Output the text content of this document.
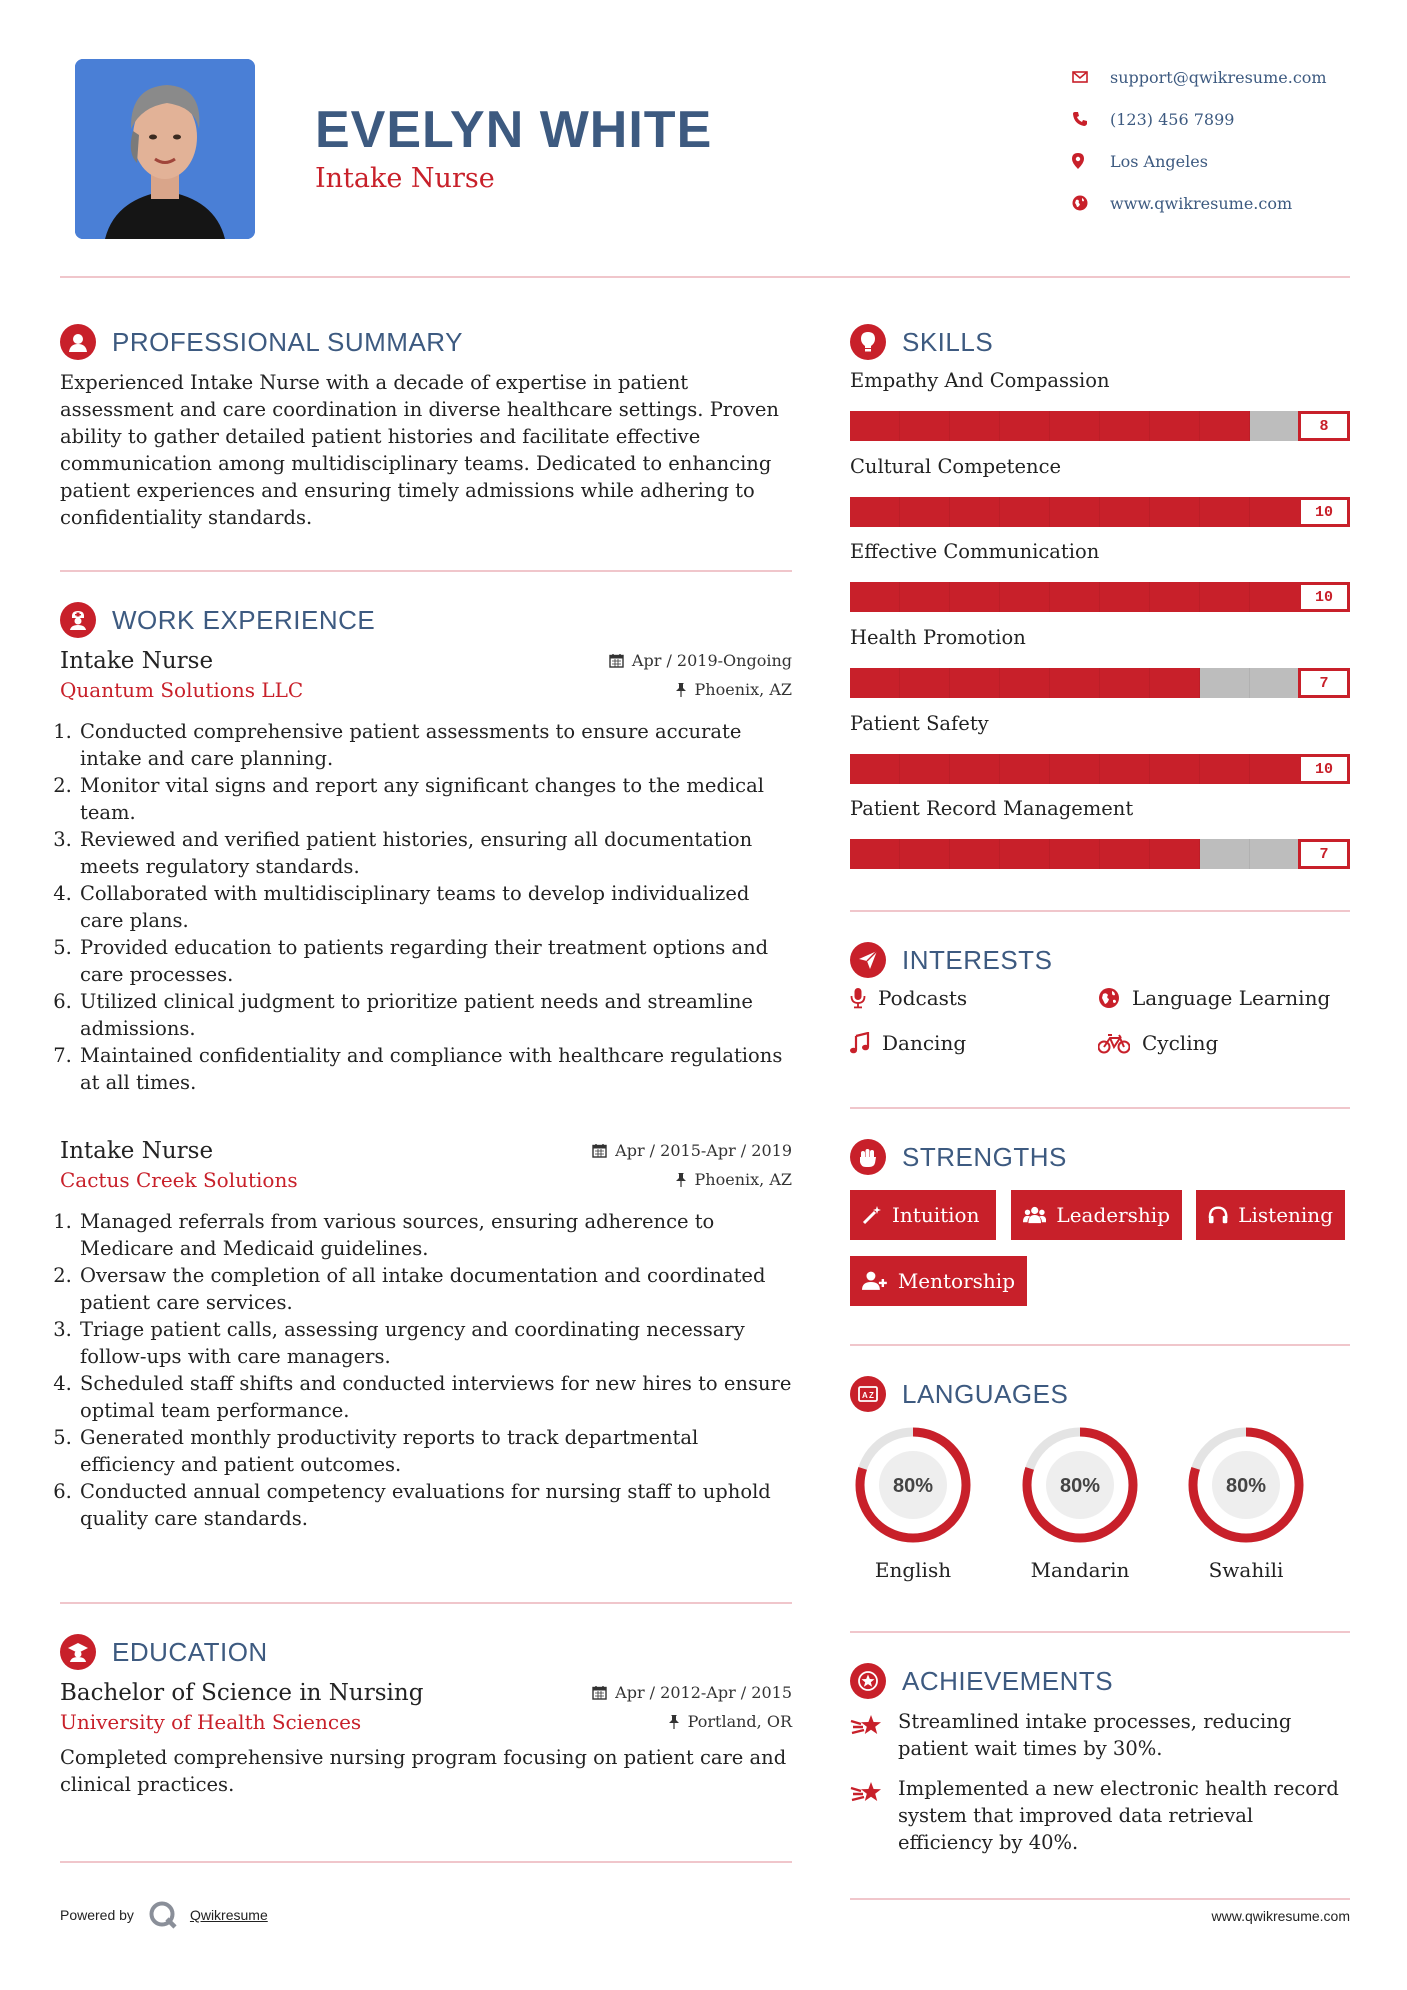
EVELYN WHITE
Intake Nurse
support@qwikresume.com
(123) 456 7899
Los Angeles
www.qwikresume.com
PROFESSIONAL SUMMARY
Experienced Intake Nurse with a decade of expertise in patient assessment and care coordination in diverse healthcare settings. Proven ability to gather detailed patient histories and facilitate effective communication among multidisciplinary teams. Dedicated to enhancing patient experiences and ensuring timely admissions while adhering to confidentiality standards.
WORK EXPERIENCE
Intake Nurse	Apr / 2019-Ongoing
Quantum Solutions LLC	Phoenix, AZ
1. Conducted comprehensive patient assessments to ensure accurate intake and care planning.
2. Monitor vital signs and report any significant changes to the medical team.
3. Reviewed and verified patient histories, ensuring all documentation meets regulatory standards.
4. Collaborated with multidisciplinary teams to develop individualized care plans.
5. Provided education to patients regarding their treatment options and care processes.
6. Utilized clinical judgment to prioritize patient needs and streamline admissions.
7. Maintained confidentiality and compliance with healthcare regulations at all times.
Intake Nurse	Apr / 2015-Apr / 2019
Cactus Creek Solutions	Phoenix, AZ
1. Managed referrals from various sources, ensuring adherence to Medicare and Medicaid guidelines.
2. Oversaw the completion of all intake documentation and coordinated patient care services.
3. Triage patient calls, assessing urgency and coordinating necessary follow-ups with care managers.
4. Scheduled staff shifts and conducted interviews for new hires to ensure optimal team performance.
5. Generated monthly productivity reports to track departmental efficiency and patient outcomes.
6. Conducted annual competency evaluations for nursing staff to uphold quality care standards.
EDUCATION
Bachelor of Science in Nursing	Apr / 2012-Apr / 2015
University of Health Sciences	Portland, OR
Completed comprehensive nursing program focusing on patient care and clinical practices.
SKILLS
Empathy And Compassion
8
Cultural Competence
10
Effective Communication
10
Health Promotion
7
Patient Safety
10
Patient Record Management
7
INTERESTS
Podcasts	Language Learning
Dancing	Cycling
STRENGTHS
Intuition	Leadership	Listening
Mentorship
A Z LANGUAGES
80%
English
80%
Mandarin
80%
Swahili
ACHIEVEMENTS
Streamlined intake processes, reducing patient wait times by 30%.
Implemented a new electronic health record system that improved data retrieval efficiency by 40%.
Powered by	Qwikresume	www.qwikresume.com
